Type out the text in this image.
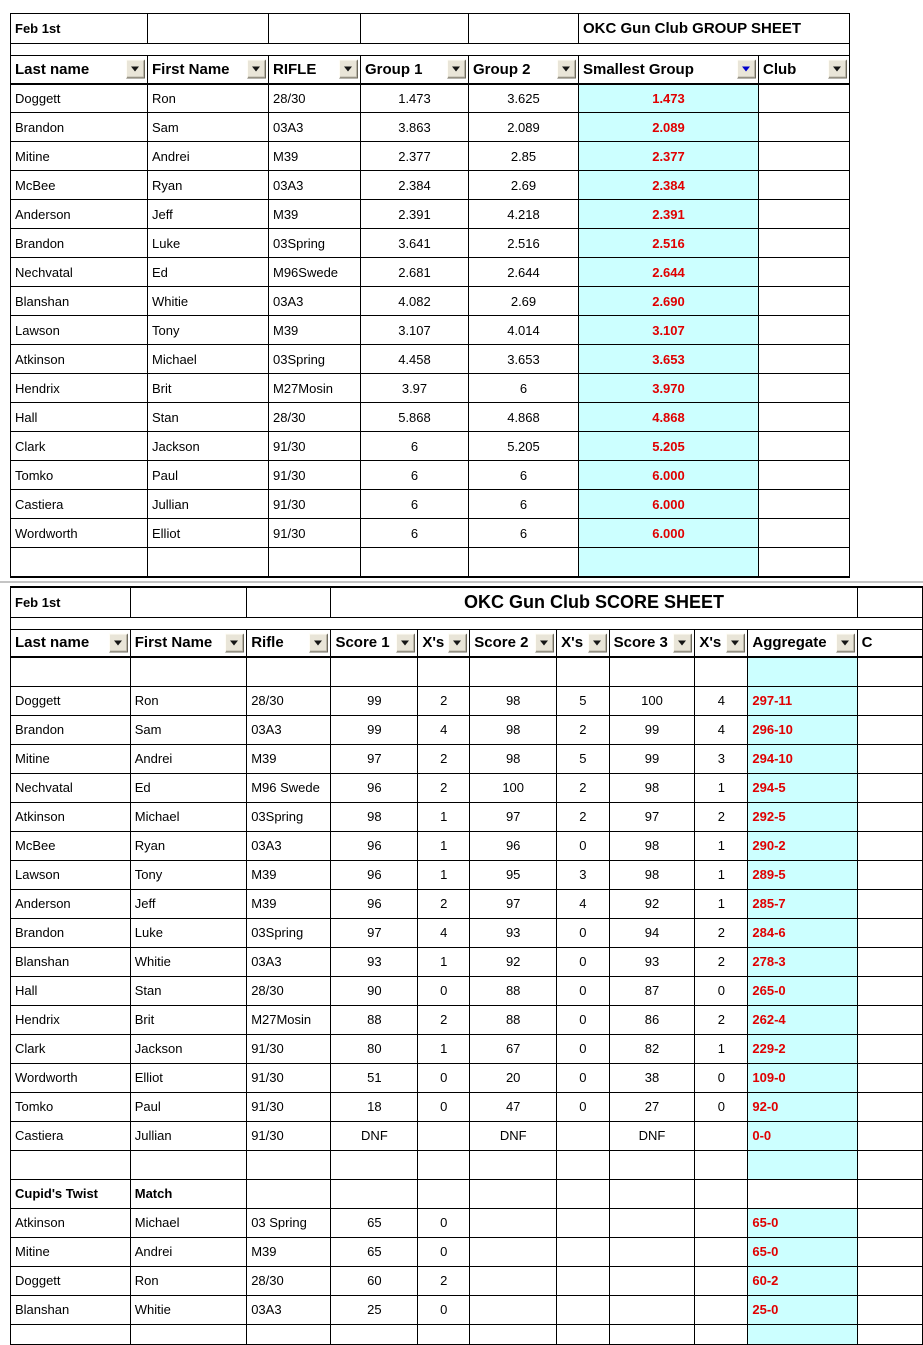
Feb 1st					OKC Gun Club GROUP SHEET	

Last name	First Name	RIFLE	Group 1	Group 2	Smallest Group	Club

Doggett	Ron	28/30	1.473	3.625	1.473	
Brandon	Sam	03A3	3.863	2.089	2.089	
Mitine	Andrei	M39	2.377	2.85	2.377	
McBee	Ryan	03A3	2.384	2.69	2.384	
Anderson	Jeff	M39	2.391	4.218	2.391	
Brandon	Luke	03Spring	3.641	2.516	2.516	
Nechvatal	Ed	M96Swede	2.681	2.644	2.644	
Blanshan	Whitie	03A3	4.082	2.69	2.690	
Lawson	Tony	M39	3.107	4.014	3.107	
Atkinson	Michael	03Spring	4.458	3.653	3.653	
Hendrix	Brit	M27Mosin	3.97	6	3.970	
Hall	Stan	28/30	5.868	4.868	4.868	
Clark	Jackson	91/30	6	5.205	5.205	
Tomko	Paul	91/30	6	6	6.000	
Castiera	Jullian	91/30	6	6	6.000	
Wordworth	Elliot	91/30	6	6	6.000	

Feb 1st			OKC Gun Club SCORE SHEET							

Last name	First Name	Rifle	Score 1	X's	Score 2	X's	Score 3	X's	Aggregate	C

Doggett	Ron	28/30	99	2	98	5	100	4	297-11	
Brandon	Sam	03A3	99	4	98	2	99	4	296-10	
Mitine	Andrei	M39	97	2	98	5	99	3	294-10	
Nechvatal	Ed	M96 Swede	96	2	100	2	98	1	294-5	
Atkinson	Michael	03Spring	98	1	97	2	97	2	292-5	
McBee	Ryan	03A3	96	1	96	0	98	1	290-2	
Lawson	Tony	M39	96	1	95	3	98	1	289-5	
Anderson	Jeff	M39	96	2	97	4	92	1	285-7	
Brandon	Luke	03Spring	97	4	93	0	94	2	284-6	
Blanshan	Whitie	03A3	93	1	92	0	93	2	278-3	
Hall	Stan	28/30	90	0	88	0	87	0	265-0	
Hendrix	Brit	M27Mosin	88	2	88	0	86	2	262-4	
Clark	Jackson	91/30	80	1	67	0	82	1	229-2	
Wordworth	Elliot	91/30	51	0	20	0	38	0	109-0	
Tomko	Paul	91/30	18	0	47	0	27	0	92-0	
Castiera	Jullian	91/30	DNF		DNF		DNF		0-0	

Cupid's Twist	Match									
Atkinson	Michael	03 Spring	65	0					65-0	
Mitine	Andrei	M39	65	0					65-0	
Doggett	Ron	28/30	60	2					60-2	
Blanshan	Whitie	03A3	25	0					25-0	
